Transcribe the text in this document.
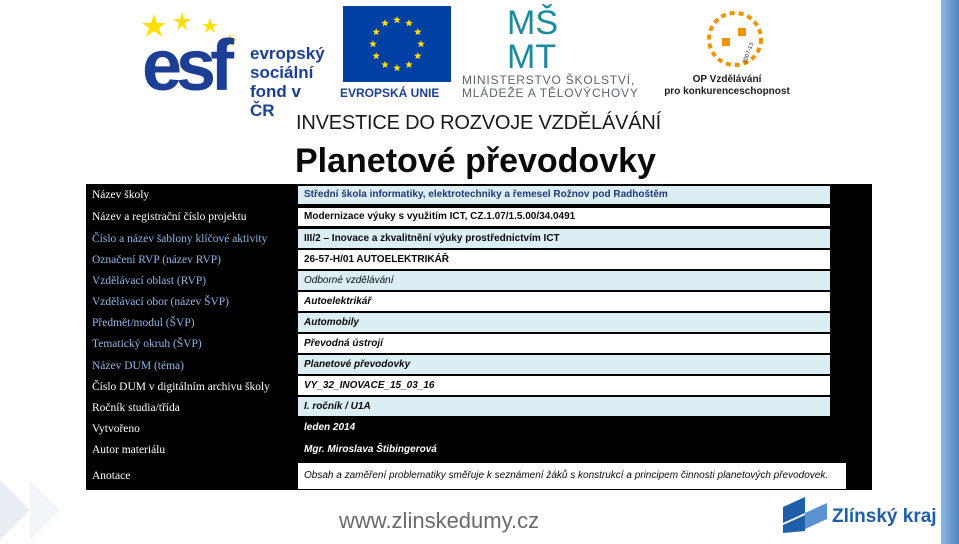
esf evropský
sociální
fond v ČR
EVROPSKÁ UNIE
MŠ
MT
MINISTERSTVO ŠKOLSTVÍ,
MLÁDEŽE A TĚLOVÝCHOVY
2007-13
OP Vzdělávání
pro konkurenceschopnost
INVESTICE DO ROZVOJE VZDĚLÁVÁNÍ
Planetové převodovky
Název školy	Střední škola informatiky, elektrotechniky a řemesel Rožnov pod Radhoštěm
Název a registrační číslo projektu	Modernizace výuky s využitím ICT, CZ.1.07/1.5.00/34.0491
Číslo a název šablony klíčové aktivity	III/2 – Inovace a zkvalitnění výuky prostřednictvím ICT
Označení RVP (název RVP)	26-57-H/01 AUTOELEKTRIKÁŘ
Vzdělávací oblast (RVP)	Odborné vzdělávání
Vzdělávací obor (název ŠVP)	Autoelektrikář
Předmět/modul (ŠVP)	Automobily
Tematický okruh (ŠVP)	Převodná ústrojí
Název DUM (téma)	Planetové převodovky
Číslo DUM v digitálním archivu školy	VY_32_INOVACE_15_03_16
Ročník studia/třída	I. ročník / U1A
Vytvořeno	leden 2014
Autor materiálu	Mgr. Miroslava Štibingerová
Anotace	Obsah a zaměření problematiky směřuje k seznámení žáků s konstrukcí a principem činnosti planetových převodovek.
www.zlinskedumy.cz	Zlínský kraj
